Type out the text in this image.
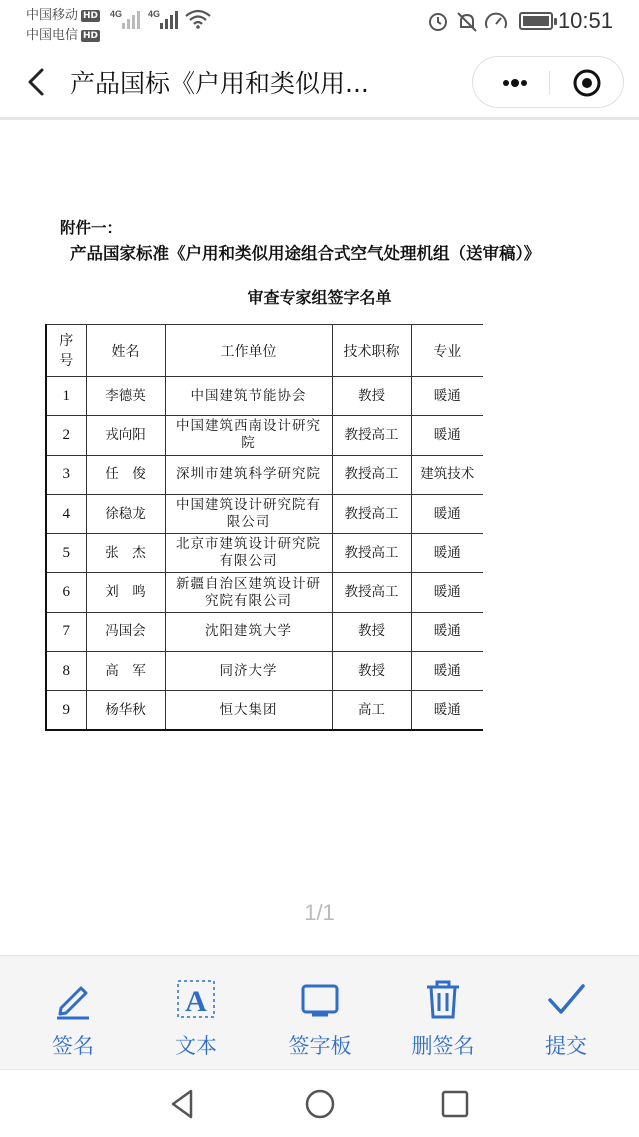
中国移动 HD
中国电信 HD
4G	4G	10:51
产品国标《户用和类似用...
附件一：
产品国家标准《户用和类似用途组合式空气处理机组（送审稿）》
审查专家组签字名单
序号	姓名	工作单位	技术职称	专业
1	李德英	中国建筑节能协会	教授	暖通
2	戎向阳	中国建筑西南设计研究院	教授高工	暖通
3	任　俊	深圳市建筑科学研究院	教授高工	建筑技术
4	徐稳龙	中国建筑设计研究院有限公司	教授高工	暖通
5	张　杰	北京市建筑设计研究院有限公司	教授高工	暖通
6	刘　鸣	新疆自治区建筑设计研究院有限公司	教授高工	暖通
7	冯国会	沈阳建筑大学	教授	暖通
8	高　军	同济大学	教授	暖通
9	杨华秋	恒大集团	高工	暖通
1/1
签名
A
文本	签字板	删签名	提交
